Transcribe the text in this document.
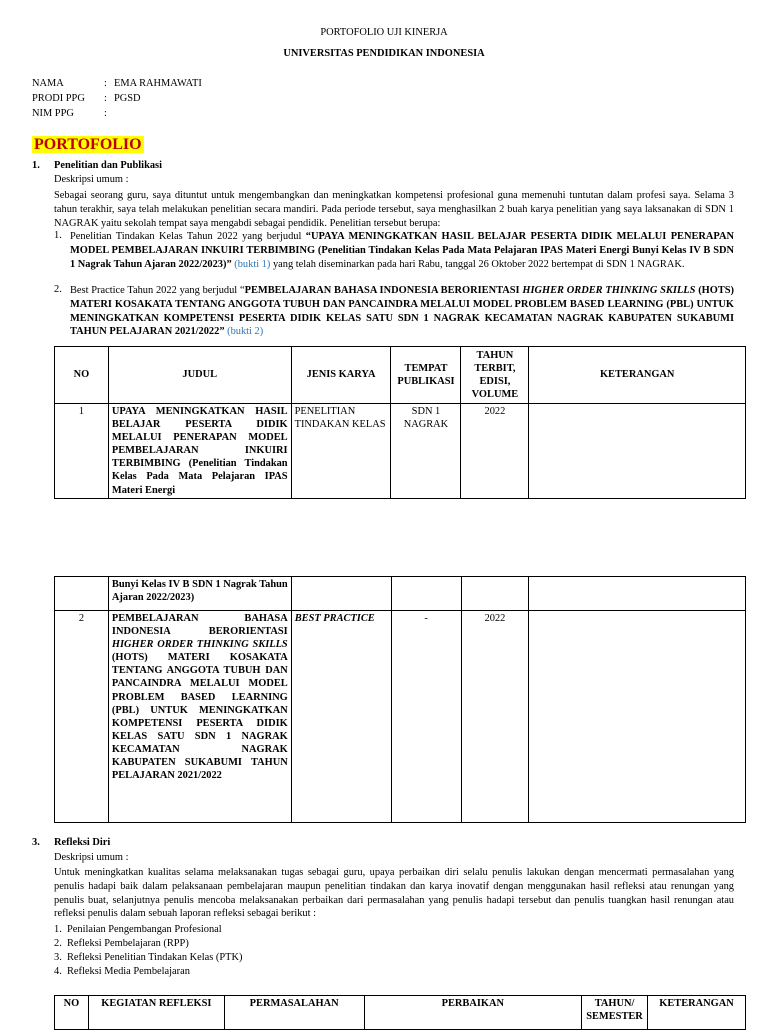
PORTOFOLIO UJI KINERJA
UNIVERSITAS PENDIDIKAN INDONESIA
NAMA	: EMA RAHMAWATI
PRODI PPG : PGSD
NIM PPG	:
PORTOFOLIO
1. Penelitian dan Publikasi
Deskripsi umum :

Sebagai seorang guru, saya dituntut untuk mengembangkan dan meningkatkan kompetensi profesional guna memenuhi tuntutan dalam profesi saya. Selama 3 tahun terakhir, saya telah melakukan penelitian secara mandiri. Pada periode tersebut, saya menghasilkan 2 buah karya penelitian yang saya laksanakan di SDN 1 NAGRAK yaitu sekolah tempat saya mengabdi sebagai pendidik. Penelitian tersebut berupa:

1. Penelitian Tindakan Kelas Tahun 2022 yang berjudul “UPAYA MENINGKATKAN HASIL BELAJAR PESERTA DIDIK MELALUI PENERAPAN MODEL PEMBELAJARAN INKUIRI TERBIMBING (Penelitian Tindakan Kelas Pada Mata Pelajaran IPAS Materi Energi Bunyi Kelas IV B SDN 1 Nagrak Tahun Ajaran 2022/2023)” (bukti 1) yang telah diseminarkan pada hari Rabu, tanggal 26 Oktober 2022 bertempat di SDN 1 NAGRAK.

2. Best Practice Tahun 2022 yang berjudul “PEMBELAJARAN BAHASA INDONESIA BERORIENTASI HIGHER ORDER THINKING SKILLS (HOTS) MATERI KOSAKATA TENTANG ANGGOTA TUBUH DAN PANCAINDRA MELALUI MODEL PROBLEM BASED LEARNING (PBL) UNTUK MENINGKATKAN KOMPETENSI PESERTA DIDIK KELAS SATU SDN 1 NAGRAK KECAMATAN NAGRAK KABUPATEN SUKABUMI TAHUN PELAJARAN 2021/2022” (bukti 2)

NO	JUDUL	JENIS KARYA	TEMPAT PUBLIKASI	TAHUN TERBIT, EDISI, VOLUME	KETERANGAN
1	UPAYA MENINGKATKAN HASIL BELAJAR PESERTA DIDIK MELALUI PENERAPAN MODEL PEMBELAJARAN INKUIRI TERBIMBING (Penelitian Tindakan Kelas Pada Mata Pelajaran IPAS Materi Energi	PENELITIAN TINDAKAN KELAS	SDN 1 NAGRAK	2022	
	Bunyi Kelas IV B SDN 1 Nagrak Tahun Ajaran 2022/2023)				
2	PEMBELAJARAN BAHASA INDONESIA BERORIENTASI HIGHER ORDER THINKING SKILLS (HOTS) MATERI KOSAKATA TENTANG ANGGOTA TUBUH DAN PANCAINDRA MELALUI MODEL PROBLEM BASED LEARNING (PBL) UNTUK MENINGKATKAN KOMPETENSI PESERTA DIDIK KELAS SATU SDN 1 NAGRAK KECAMATAN NAGRAK KABUPATEN SUKABUMI TAHUN PELAJARAN 2021/2022	BEST PRACTICE	-	2022	
3. Refleksi Diri
Deskripsi umum :

Untuk meningkatkan kualitas selama melaksanakan tugas sebagai guru, upaya perbaikan diri selalu penulis lakukan dengan mencermati permasalahan yang penulis hadapi baik dalam pelaksanaan pembelajaran maupun penelitian tindakan dan karya inovatif dengan menggunakan hasil refleksi atau renungan yang penulis buat, selanjutnya penulis mencoba melaksanakan perbaikan dari permasalahan yang penulis hadapi tersebut dan penulis tuangkan hasil renungan atau refleksi penulis dalam sebuah laporan refleksi sebagai berikut :

1. Penilaian Pengembangan Profesional
2. Refleksi Pembelajaran (RPP)
3. Refleksi Penelitian Tindakan Kelas (PTK)
4. Refleksi Media Pembelajaran
NO	KEGIATAN REFLEKSI	PERMASALAHAN	PERBAIKAN	TAHUN/ SEMESTER	KETERANGAN
